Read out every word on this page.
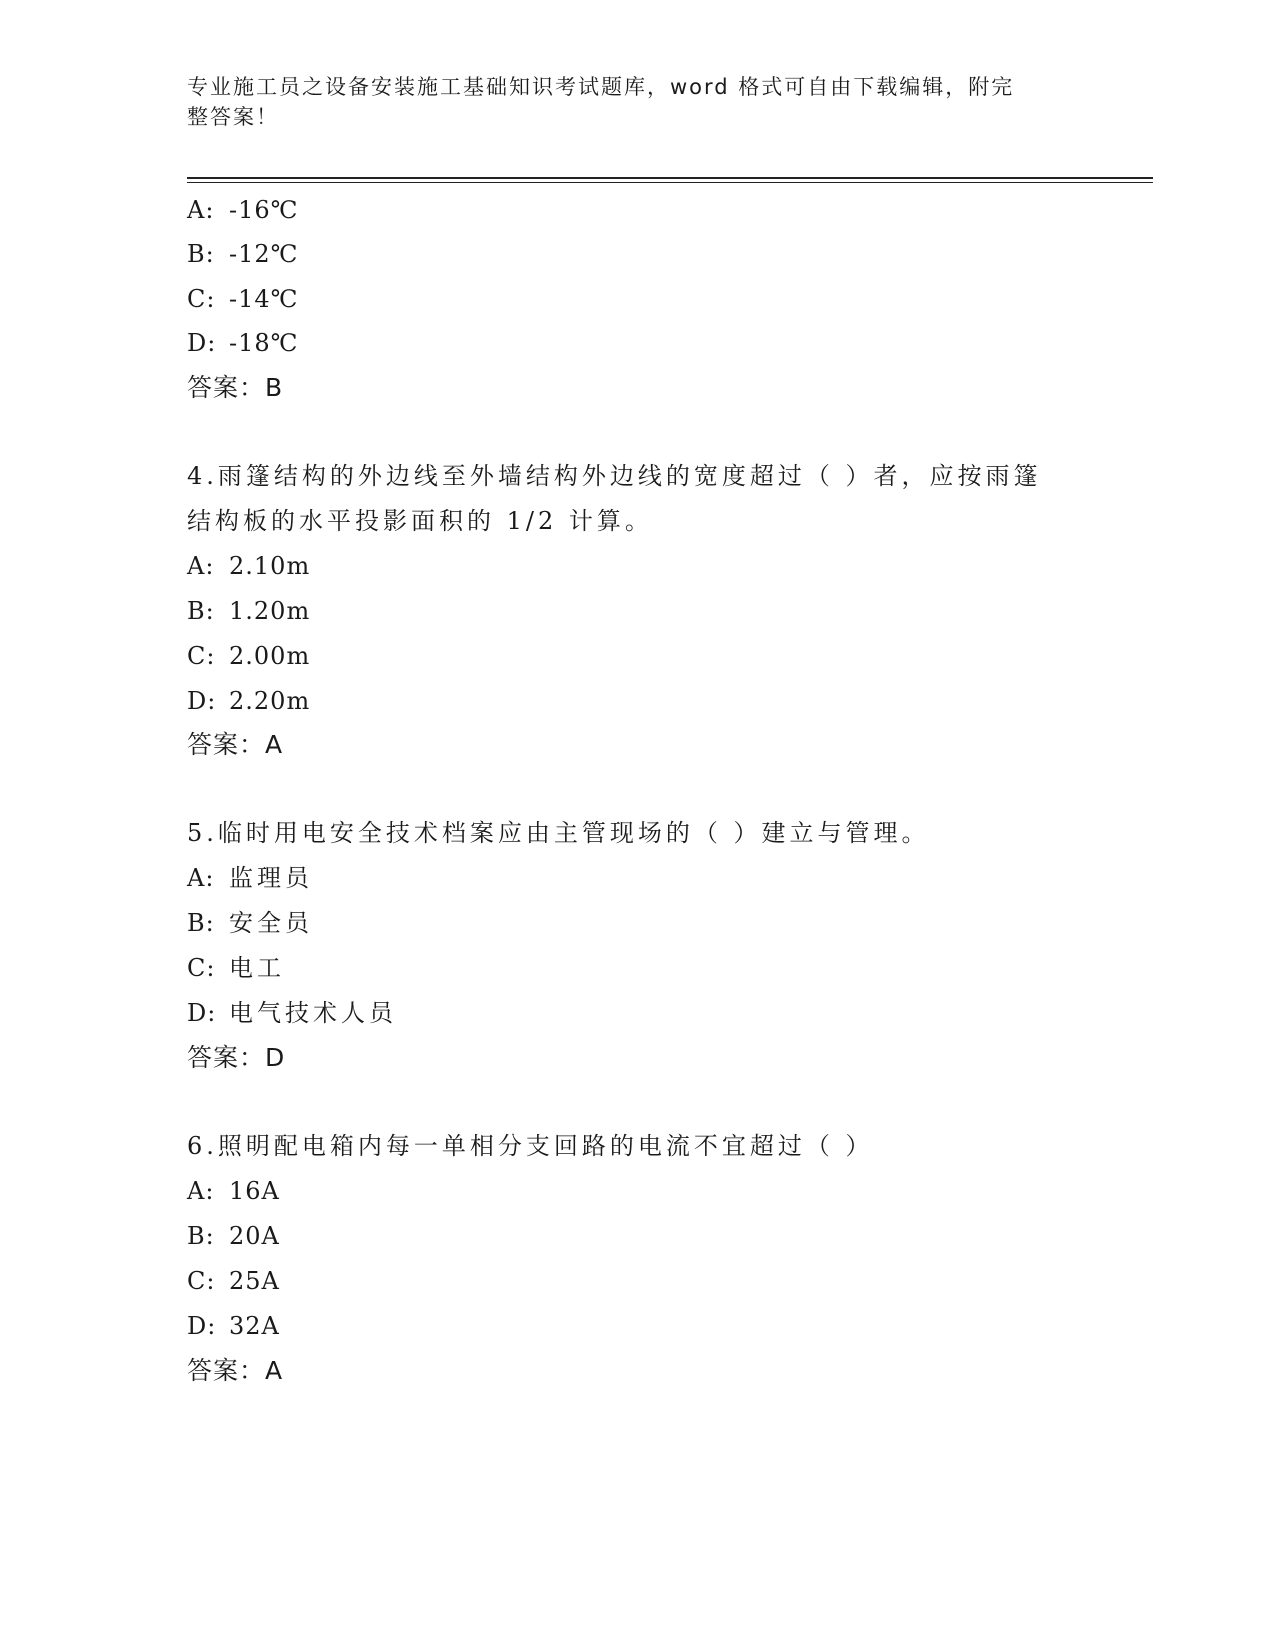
专业施工员之设备安装施工基础知识考试题库，word 格式可自由下载编辑，附完
整答案！
A: -16℃
B: -12℃
C: -14℃
D: -18℃
答案：B
4.雨篷结构的外边线至外墙结构外边线的宽度超过（ ）者，应按雨篷
结构板的水平投影面积的 1/2 计算。
A: 2.10m
B: 1.20m
C: 2.00m
D: 2.20m
答案：A
5.临时用电安全技术档案应由主管现场的（ ）建立与管理。
A: 监理员
B: 安全员
C: 电工
D: 电气技术人员
答案：D
6.照明配电箱内每一单相分支回路的电流不宜超过（ ）
A: 16A
B: 20A
C: 25A
D: 32A
答案：A
